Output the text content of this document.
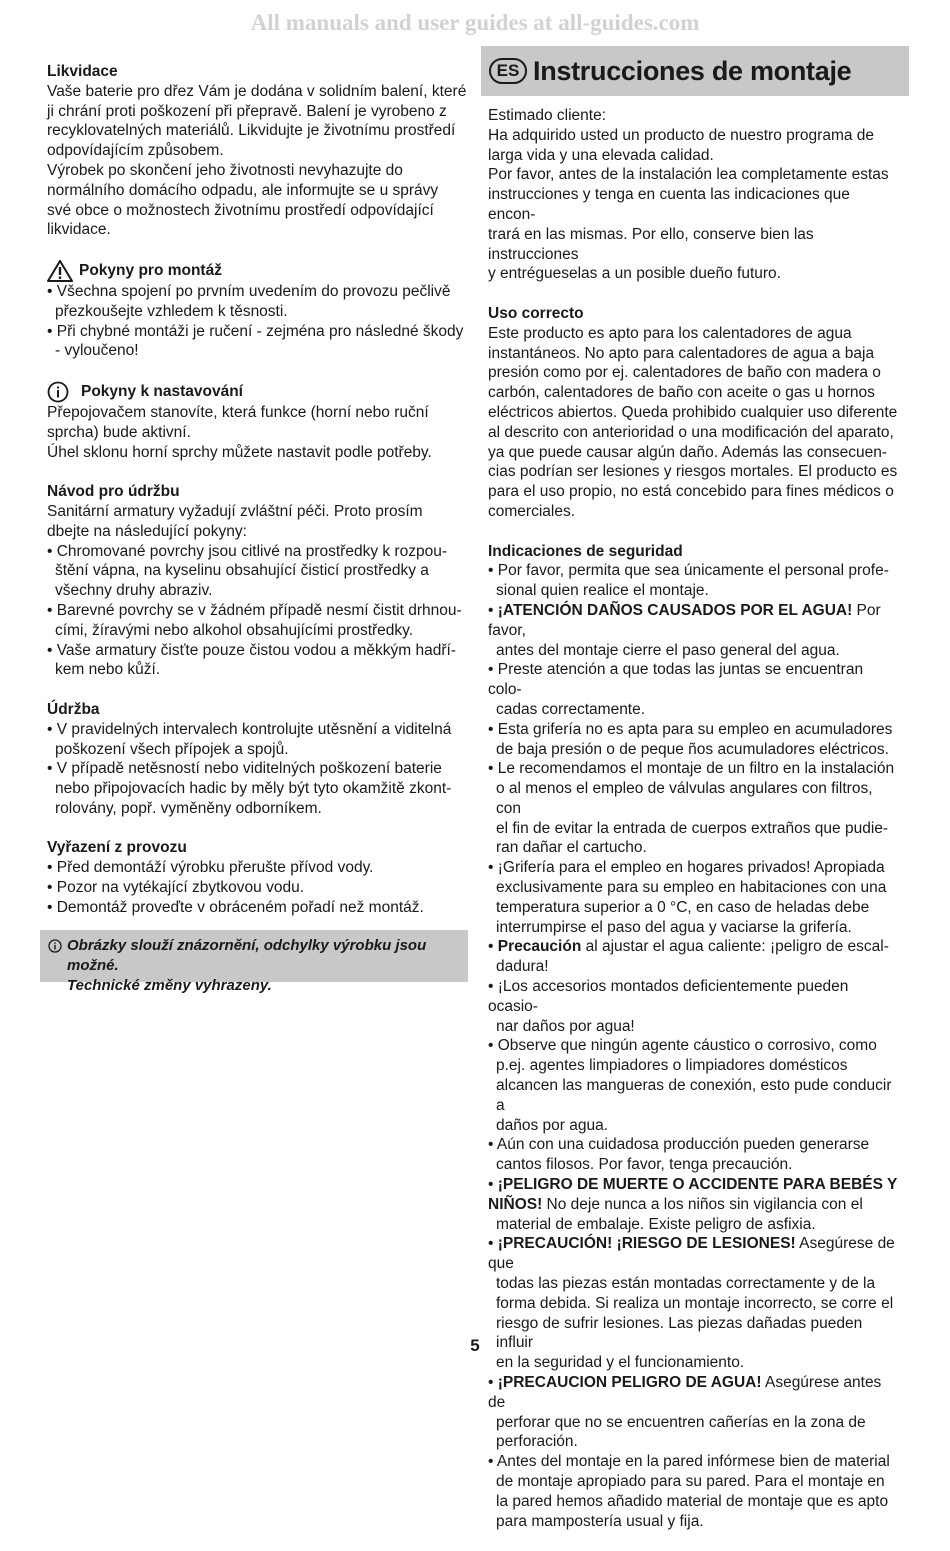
All manuals and user guides at all-guides.com
Likvidace
Vaše baterie pro dřez Vám je dodána v solidním balení, které
ji chrání proti poškození při přepravě. Balení je vyrobeno z
recyklovatelných materiálů. Likvidujte je životnímu prostředí
odpovídajícím způsobem.
Výrobek po skončení jeho životnosti nevyhazujte do
normálního domácího odpadu, ale informujte se u správy
své obce o možnostech životnímu prostředí odpovídající
likvidace.
Pokyny pro montáž
• Všechna spojení po prvním uvedením do provozu pečlivě
přezkoušejte vzhledem k těsnosti.
• Při chybné montáži je ručení - zejména pro následné škody
- vyloučeno!
Pokyny k nastavování
Přepojovačem stanovíte, která funkce (horní nebo ruční
sprcha) bude aktivní.
Úhel sklonu horní sprchy můžete nastavit podle potřeby.
Návod pro údržbu
Sanitární armatury vyžadují zvláštní péči. Proto prosím
dbejte na následující pokyny:
• Chromované povrchy jsou citlivé na prostředky k rozpou-
štění vápna, na kyselinu obsahující čisticí prostředky a
všechny druhy abraziv.
• Barevné povrchy se v žádném případě nesmí čistit drhnou-
cími, žíravými nebo alkohol obsahujícími prostředky.
• Vaše armatury čisťte pouze čistou vodou a měkkým hadří-
kem nebo kůží.
Údržba
• V pravidelných intervalech kontrolujte utěsnění a viditelná
poškození všech přípojek a spojů.
• V případě netěsností nebo viditelných poškození baterie
nebo připojovacích hadic by měly být tyto okamžitě zkont-
rolovány, popř. vyměněny odborníkem.
Vyřazení z provozu
• Před demontáží výrobku přerušte přívod vody.
• Pozor na vytékající zbytkovou vodu.
• Demontáž proveďte v obráceném pořadí než montáž.
Obrázky slouží znázornění, odchylky výrobku jsou možné.
Technické změny vyhrazeny.
ES Instrucciones de montaje
Estimado cliente:
Ha adquirido usted un producto de nuestro programa de
larga vida y una elevada calidad.
Por favor, antes de la instalación lea completamente estas
instrucciones y tenga en cuenta las indicaciones que encon-
trará en las mismas. Por ello, conserve bien las instrucciones
y entrégueselas a un posible dueño futuro.
Uso correcto
Este producto es apto para los calentadores de agua
instantáneos. No apto para calentadores de agua a baja
presión como por ej. calentadores de baño con madera o
carbón, calentadores de baño con aceite o gas u hornos
eléctricos abiertos. Queda prohibido cualquier uso diferente
al descrito con anterioridad o una modificación del aparato,
ya que puede causar algún daño. Además las consecuen-
cias podrían ser lesiones y riesgos mortales. El producto es
para el uso propio, no está concebido para fines médicos o
comerciales.
Indicaciones de seguridad
• Por favor, permita que sea únicamente el personal profe-
sional quien realice el montaje.
• ¡ATENCIÓN DAÑOS CAUSADOS POR EL AGUA! Por favor,
antes del montaje cierre el paso general del agua.
• Preste atención a que todas las juntas se encuentran colo-
cadas correctamente.
• Esta grifería no es apta para su empleo en acumuladores
de baja presión o de peque ños acumuladores eléctricos.
• Le recomendamos el montaje de un filtro en la instalación
o al menos el empleo de válvulas angulares con filtros, con
el fin de evitar la entrada de cuerpos extraños que pudie-
ran dañar el cartucho.
• ¡Grifería para el empleo en hogares privados! Apropiada
exclusivamente para su empleo en habitaciones con una
temperatura superior a 0 °C, en caso de heladas debe
interrumpirse el paso del agua y vaciarse la grifería.
• Precaución al ajustar el agua caliente: ¡peligro de escal-
dadura!
• ¡Los accesorios montados deficientemente pueden ocasio-
nar daños por agua!
• Observe que ningún agente cáustico o corrosivo, como
p.ej. agentes limpiadores o limpiadores domésticos
alcancen las mangueras de conexión, esto pude conducir a
daños por agua.
• Aún con una cuidadosa producción pueden generarse
cantos filosos. Por favor, tenga precaución.
• ¡PELIGRO DE MUERTE O ACCIDENTE PARA BEBÉS Y NIÑOS! No deje nunca a los niños sin vigilancia con el
material de embalaje. Existe peligro de asfixia.
• ¡PRECAUCIÓN! ¡RIESGO DE LESIONES! Asegúrese de que
todas las piezas están montadas correctamente y de la
forma debida. Si realiza un montaje incorrecto, se corre el
riesgo de sufrir lesiones. Las piezas dañadas pueden influir
en la seguridad y el funcionamiento.
• ¡PRECAUCION PELIGRO DE AGUA! Asegúrese antes de
perforar que no se encuentren cañerías en la zona de
perforación.
• Antes del montaje en la pared infórmese bien de material
de montaje apropiado para su pared. Para el montaje en
la pared hemos añadido material de montaje que es apto
para mampostería usual y fija.
5
